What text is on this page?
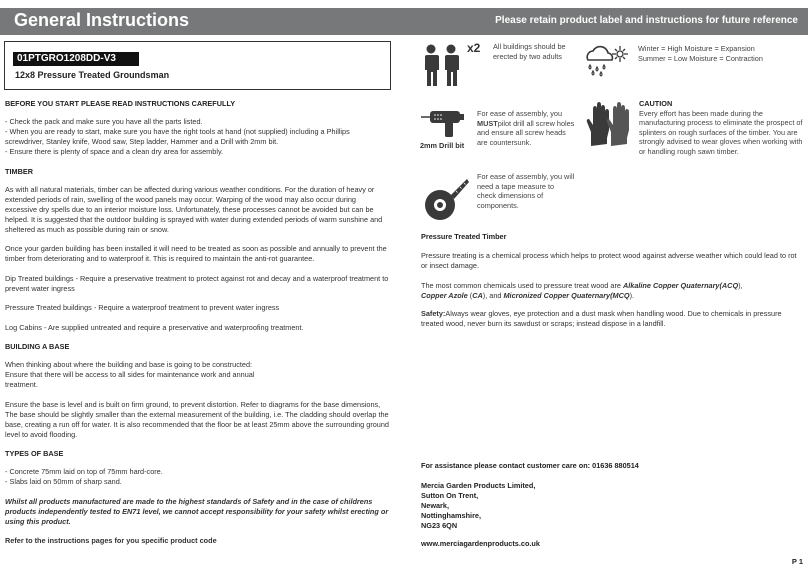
General Instructions	Please retain product label and instructions for future reference
01PTGRO1208DD-V3
12x8 Pressure Treated Groundsman
BEFORE YOU START PLEASE READ INSTRUCTIONS CAREFULLY
- Check the pack and make sure you have all the parts listed.
- When you are ready to start, make sure you have the right tools at hand (not supplied) including a Phillips screwdriver, Stanley knife, Wood saw, Step ladder, Hammer and a Drill with 2mm bit.
- Ensure there is plenty of space and a clean dry area for assembly.
TIMBER
As with all natural materials, timber can be affected during various weather conditions. For the duration of heavy or extended periods of rain, swelling of the wood panels may occur. Warping of the wood may also occur during excessive dry spells due to an interior moisture loss. Unfortunately, these processes cannot be avoided but can be helped. It is suggested that the outdoor building is sprayed with water during extended periods of warm sunshine and sheltered as much as possible during rain or snow.
Once your garden building has been installed it will need to be treated as soon as possible and annually to prevent the timber from deteriorating and to waterproof it. This is required to maintain the anti-rot guarantee.
Dip Treated buildings - Require a preservative treatment to protect against rot and decay and a waterproof treatment to prevent water ingress
Pressure Treated buildings - Require a waterproof treatment to prevent water ingress
Log Cabins - Are supplied untreated and require a preservative and waterproofing treatment.
BUILDING A BASE
When thinking about where the building and base is going to be constructed:
Ensure that there will be access to all sides for maintenance work and annual
treatment.
Ensure the base is level and is built on firm ground, to prevent distortion. Refer to diagrams for the base dimensions, The base should be slightly smaller than the external measurement of the building, i.e. The cladding should overlap the base, creating a run off for water. It is also recommended that the floor be at least 25mm above the surrounding ground level to avoid flooding.
TYPES OF BASE
- Concrete 75mm laid on top of 75mm hard-core.
- Slabs laid on 50mm of sharp sand.
Whilst all products manufactured are made to the highest standards of Safety and in the case of childrens products independently tested to EN71 level, we cannot accept responsibility for your safety whilst erecting or using this product.
Refer to the instructions pages for you specific product code
x2 All buildings should be erected by two adults
Winter = High Moisture = Expansion
Summer = Low Moisture = Contraction
2mm Drill bit
For ease of assembly, you MUSTpilot drill all screw holes and ensure all screw heads are countersunk.
CAUTION
Every effort has been made during the manufacturing process to eliminate the prospect of splinters on rough surfaces of the timber. You are strongly advised to wear gloves when working with or handling rough sawn timber.
For ease of assembly, you will need a tape measure to check dimensions of components.
Pressure Treated Timber
Pressure treating is a chemical process which helps to protect wood against adverse weather which could lead to rot or insect damage.
The most common chemicals used to pressure treat wood are Alkaline Copper Quaternary(ACQ),
Copper Azole (CA), and Micronized Copper Quaternary(MCQ).
Safety:Always wear gloves, eye protection and a dust mask when handling wood. Due to chemicals in pressure treated wood, never burn its sawdust or scraps; instead dispose in a landfill.
For assistance please contact customer care on: 01636 880514
Mercia Garden Products Limited,
Sutton On Trent,
Newark,
Nottinghamshire,
NG23 6QN
www.merciagardenproducts.co.uk
P 1
